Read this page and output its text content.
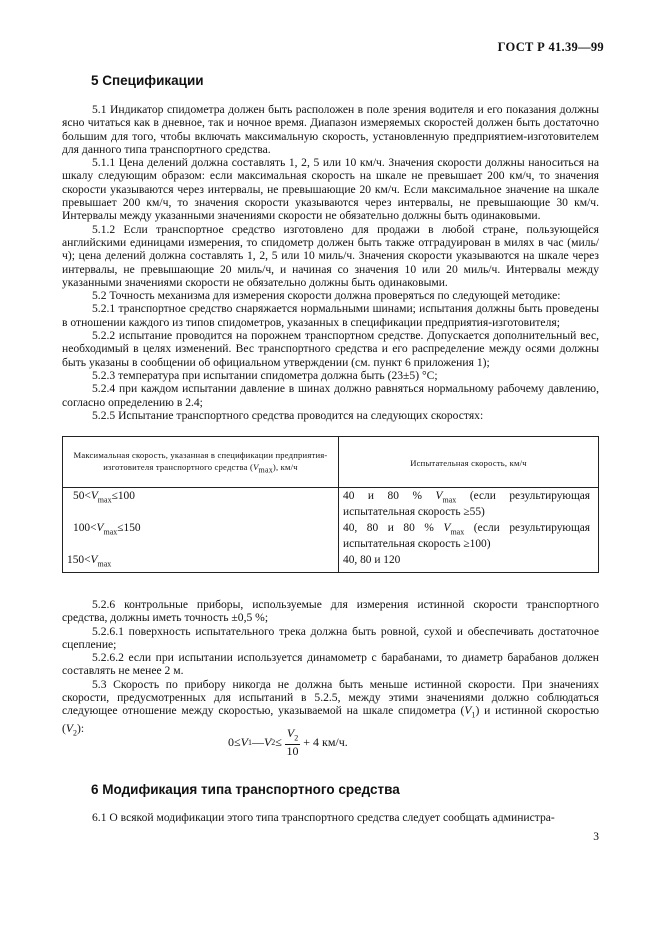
ГОСТ Р 41.39—99
5 Спецификации

5.1 Индикатор спидометра должен быть расположен в поле зрения водителя и его показания должны ясно читаться как в дневное, так и ночное время. Диапазон измеряемых скоростей должен быть достаточно большим для того, чтобы включать максимальную скорость, установленную предприятием-изготовителем для данного типа транспортного средства.

5.1.1 Цена делений должна составлять 1, 2, 5 или 10 км/ч. Значения скорости должны наноситься на шкалу следующим образом: если максимальная скорость на шкале не превышает 200 км/ч, то значения скорости указываются через интервалы, не превышающие 20 км/ч. Если максимальное значение на шкале превышает 200 км/ч, то значения скорости указываются через интервалы, не превышающие 30 км/ч. Интервалы между указанными значениями скорости не обязательно должны быть одинаковыми.

5.1.2 Если транспортное средство изготовлено для продажи в любой стране, пользующейся английскими единицами измерения, то спидометр должен быть также отградуирован в милях в час (миль/ч); цена делений должна составлять 1, 2, 5 или 10 миль/ч. Значения скорости указываются на шкале через интервалы, не превышающие 20 миль/ч, и начиная со значения 10 или 20 миль/ч. Интервалы между указанными значениями скорости не обязательно должны быть одинаковыми.

5.2 Точность механизма для измерения скорости должна проверяться по следующей методике:

5.2.1 транспортное средство снаряжается нормальными шинами; испытания должны быть проведены в отношении каждого из типов спидометров, указанных в спецификации предприятия-изготовителя;

5.2.2 испытание проводится на порожнем транспортном средстве. Допускается дополнительный вес, необходимый в целях изменений. Вес транспортного средства и его распределение между осями должны быть указаны в сообщении об официальном утверждении (см. пункт 6 приложения 1);

5.2.3 температура при испытании спидометра должна быть (23±5) °С;

5.2.4 при каждом испытании давление в шинах должно равняться нормальному рабочему давлению, согласно определению в 2.4;

5.2.5 Испытание транспортного средства проводится на следующих скоростях:

Максимальная скорость, указанная в спецификации предприятия-изготовителя транспортного средства $(V_{max})$, км/ч	Испытательная скорость, км/ч
$50<V_{max}\le 100$	40 и 80 % $V_{max}$ (если результирующая испытательная скорость ≥55)
$100<V_{max}\le 150$	40, 80 и 80 % $V_{max}$ (если результирующая испытательная скорость ≥100)
$150<V_{max}$	40, 80 и 120

5.2.6 контрольные приборы, используемые для измерения истинной скорости транспортного средства, должны иметь точность ±0,5 %;

5.2.6.1 поверхность испытательного трека должна быть ровной, сухой и обеспечивать достаточное сцепление;

5.2.6.2 если при испытании используется динамометр с барабанами, то диаметр барабанов должен составлять не менее 2 м.

5.3 Скорость по прибору никогда не должна быть меньше истинной скорости. При значениях скорости, предусмотренных для испытаний в 5.2.5, между этими значениями должно соблюдаться следующее отношение между скоростью, указываемой на шкале спидометра $(V_1)$ и истинной скоростью $(V_2)$:

0≤ V 1 — V $2 \le \frac{V_2}{10} + 4$ км/ч.
6 Модификация типа транспортного средства

6.1 О всякой модификации этого типа транспортного средства следует сообщать администра-

3
